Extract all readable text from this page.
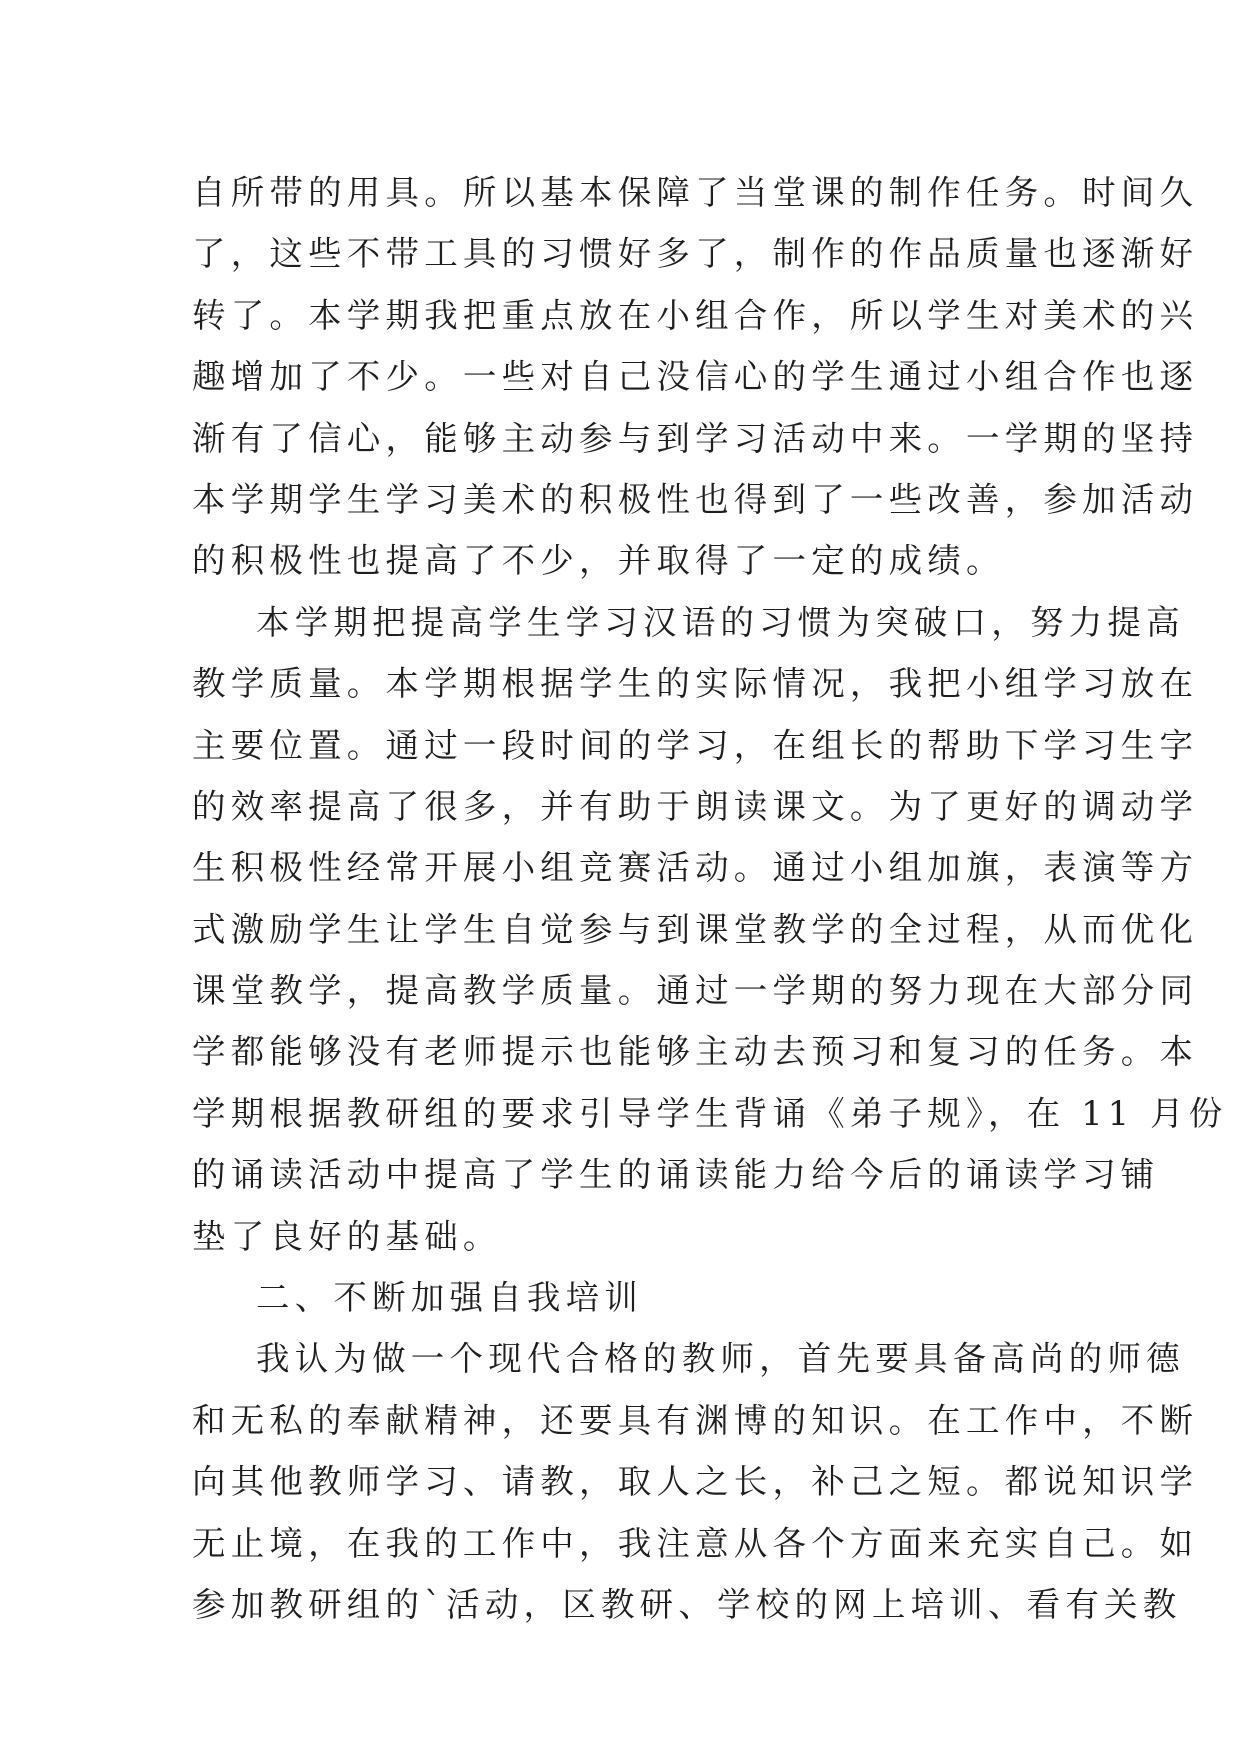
自所带的用具。所以基本保障了当堂课的制作任务。时间久
了，这些不带工具的习惯好多了，制作的作品质量也逐渐好
转了。本学期我把重点放在小组合作，所以学生对美术的兴
趣增加了不少。一些对自己没信心的学生通过小组合作也逐
渐有了信心，能够主动参与到学习活动中来。一学期的坚持
本学期学生学习美术的积极性也得到了一些改善，参加活动
的积极性也提高了不少，并取得了一定的成绩。
本学期把提高学生学习汉语的习惯为突破口，努力提高
教学质量。本学期根据学生的实际情况，我把小组学习放在
主要位置。通过一段时间的学习，在组长的帮助下学习生字
的效率提高了很多，并有助于朗读课文。为了更好的调动学
生积极性经常开展小组竞赛活动。通过小组加旗，表演等方
式激励学生让学生自觉参与到课堂教学的全过程，从而优化
课堂教学，提高教学质量。通过一学期的努力现在大部分同
学都能够没有老师提示也能够主动去预习和复习的任务。本
学期根据教研组的要求引导学生背诵《弟子规》，在 11 月份
的诵读活动中提高了学生的诵读能力给今后的诵读学习铺
垫了良好的基础。
二、不断加强自我培训
我认为做一个现代合格的教师，首先要具备高尚的师德
和无私的奉献精神，还要具有渊博的知识。在工作中，不断
向其他教师学习、请教，取人之长，补己之短。都说知识学
无止境，在我的工作中，我注意从各个方面来充实自己。如
参加教研组的`活动，区教研、学校的网上培训、看有关教
